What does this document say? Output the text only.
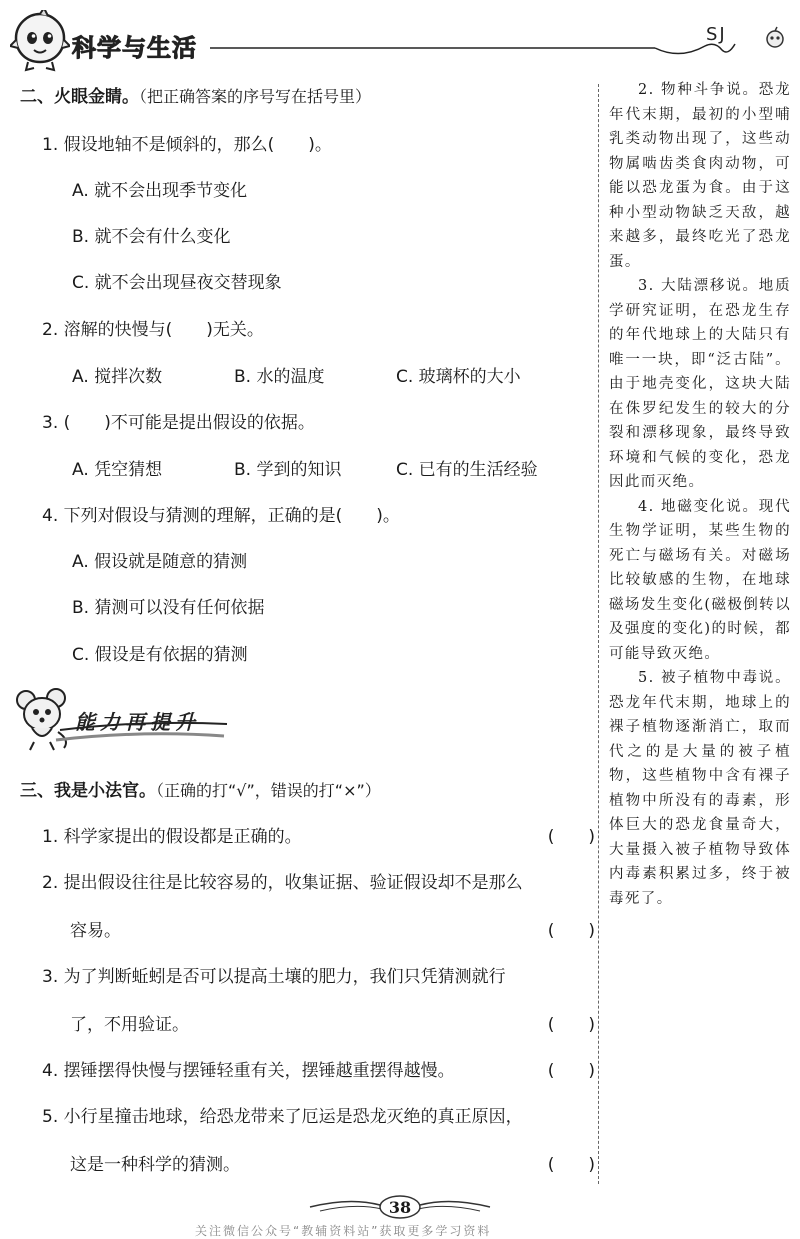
科学与生活	SJ
二、火眼金睛。（把正确答案的序号写在括号里）
1. 假设地轴不是倾斜的，那么(　　)。
A. 就不会出现季节变化
B. 就不会有什么变化
C. 就不会出现昼夜交替现象
2. 溶解的快慢与(　　)无关。
A. 搅拌次数	B. 水的温度	C. 玻璃杯的大小
3. (　　)不可能是提出假设的依据。
A. 凭空猜想	B. 学到的知识	C. 已有的生活经验
4. 下列对假设与猜测的理解，正确的是(　　)。
A. 假设就是随意的猜测
B. 猜测可以没有任何依据
C. 假设是有依据的猜测
三、我是小法官。（正确的打“√”，错误的打“×”）
1. 科学家提出的假设都是正确的。	(　　)
2. 提出假设往往是比较容易的，收集证据、验证假设却不是那么
容易。	(　　)
3. 为了判断蚯蚓是否可以提高土壤的肥力，我们只凭猜测就行
了，不用验证。	(　　)
4. 摆锤摆得快慢与摆锤轻重有关，摆锤越重摆得越慢。	(　　)
5. 小行星撞击地球，给恐龙带来了厄运是恐龙灭绝的真正原因，
这是一种科学的猜测。	(　　)
能力再提升

2. 物种斗争说。恐龙年代末期，最初的小型哺乳类动物出现了，这些动物属啮齿类食肉动物，可能以恐龙蛋为食。由于这种小型动物缺乏天敌，越来越多，最终吃光了恐龙蛋。

3. 大陆漂移说。地质学研究证明，在恐龙生存的年代地球上的大陆只有唯一一块，即“泛古陆”。由于地壳变化，这块大陆在侏罗纪发生的较大的分裂和漂移现象，最终导致环境和气候的变化，恐龙因此而灭绝。

4. 地磁变化说。现代生物学证明，某些生物的死亡与磁场有关。对磁场比较敏感的生物，在地球磁场发生变化(磁极倒转以及强度的变化)的时候，都可能导致灭绝。

5. 被子植物中毒说。恐龙年代末期，地球上的裸子植物逐渐消亡，取而代之的是大量的被子植物，这些植物中含有裸子植物中所没有的毒素，形体巨大的恐龙食量奇大，大量摄入被子植物导致体内毒素积累过多，终于被毒死了。

38
关注微信公众号“教辅资料站”获取更多学习资料
